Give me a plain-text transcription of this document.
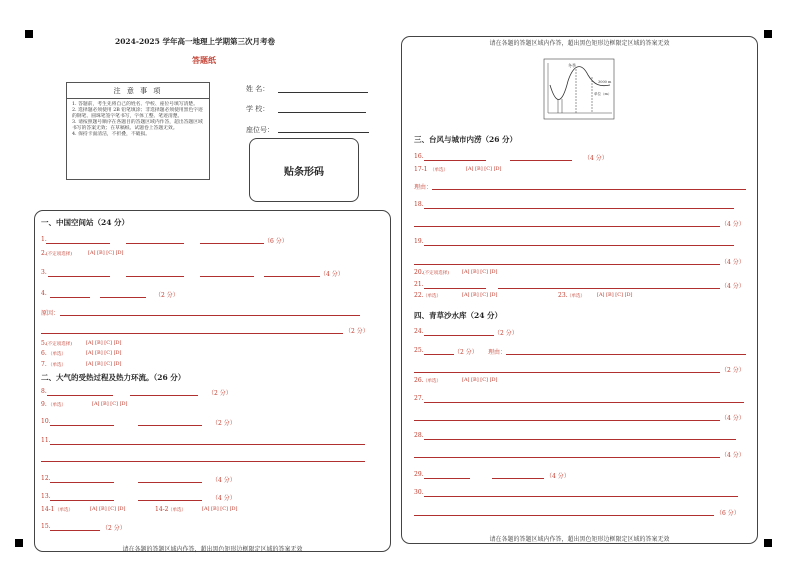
2024-2025 学年高一地理上学期第三次月考卷
答题纸
注 意 事 项
1. 答题前，考生先将自己的姓名、学校、座位号填写清楚。
2. 选择题必须使用 2B 铅笔填涂；非选择题必须使用黑色字迹的钢笔、圆珠笔签字笔书写，字体工整、笔迹清楚。
3. 请按照题号顺序在各题目的答题区域内作答，超出答题区域书写的答案无效；在草稿纸、试题卷上答题无效。
4. 保持卡面清洁，不折叠，不破损。
姓 名：
学 校：
座位号：
贴条形码
请在各题的答题区域内作答，超出黑色矩形边框限定区域的答案无效
一、中国空间站（24 分）
1.	（6 分）
2. (不定项选择)	[A] [B] [C] [D]
3.	（4 分）
4.	（2 分）
原因：
（2 分）
5. (不定项选择)	[A] [B] [C] [D]
6. （单选）	[A] [B] [C] [D]
7. （单选）	[A] [B] [C] [D]
二、大气的受热过程及热力环流。（26 分）
8.	（2 分）
9. （单选）	[A] [B] [C] [D]
10.	（2 分）
11.
12.	（4 分）
13.	（4 分）
14-1 （单选）	[A] [B] [C] [D]	14-2 （单选）	[A] [B] [C] [D]
15.	（2 分）
请在各题的答题区域内作答，超出黑色矩形边框限定区域的答案无效
请在各题的答题区域内作答，超出黑色矩形边框限定区域的答案无效
冬季
3000 m
单位（m）
三、台风与城市内涝（26 分）
16.	（4 分）
17-1 （单选）	[A] [B] [C] [D]
理由：
18.
（4 分）
19.
（4 分）
20. (不定项选择)	[A] [B] [C] [D]
21.	（4 分）
22. （单选）	[A] [B] [C] [D]	23. （单选） [A] [B] [C] [D]
四、青草沙水库（24 分）
24.	（2 分）
25.	（2 分） 理由：
（2 分）
26. （单选）	[A] [B] [C] [D]
27.
（4 分）
28.
（4 分）
29.	（4 分）
30.
（6 分）
